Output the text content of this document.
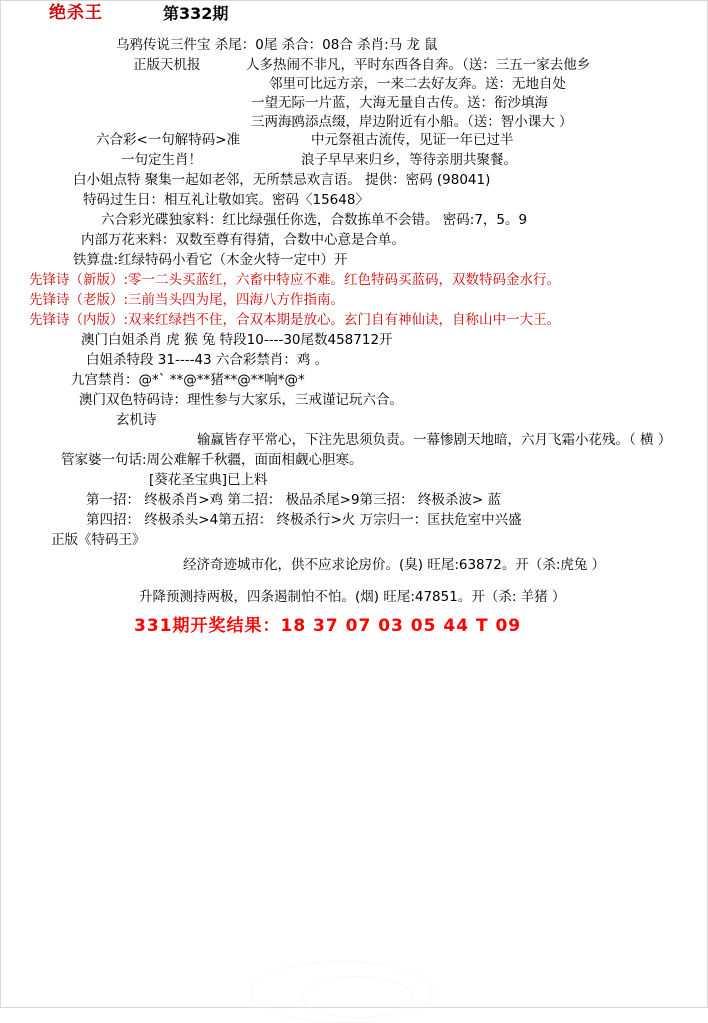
绝杀王	第332期
乌鸦传说三件宝 杀尾：0尾 杀合：08合 杀肖:马 龙 鼠
正版天机报	人多热闹不非凡，平时东西各自奔。（送：三五一家去他乡
邻里可比远方亲，一来二去好友奔。送：无地自处
一望无际一片蓝，大海无量自古传。送：衔沙填海
三两海鸥添点缀，岸边附近有小船。（送：智小课大 ）
六合彩<一句解特码>准	中元祭祖古流传，见证一年已过半
一句定生肖！	浪子早早来归乡，等待亲朋共聚餐。
白小姐点特 聚集一起如老邻，无所禁忌欢言语。 提供：密码 (98041)
特码过生日：相互礼让敬如宾。密码〈15648〉
六合彩光碟独家料：红比绿强任你选，合数拣单不会错。 密码:7，5。9
内部万花来料：双数至尊有得猜，合数中心意是合单。
铁算盘:红绿特码小看它（木金火特一定中）开
先锋诗（新版）:零一二头买蓝红，六畜中特应不难。红色特码买蓝码，双数特码金水行。
先锋诗（老版）:三前当头四为尾，四海八方作指南。
先锋诗（内版）:双来红绿挡不住，合双本期是放心。玄门自有神仙诀，自称山中一大王。
澳门白姐杀肖 虎 猴 兔 特段10----30尾数458712开
白姐杀特段 31----43 六合彩禁肖：鸡 。
九宫禁肖：@*` **@**猪**@**响*@*
澳门双色特码诗：理性参与大家乐，三戒谨记玩六合。
玄机诗
输赢皆存平常心，下注先思须负责。一幕惨剧天地暗，六月飞霜小花残。（ 横 ）
管家婆一句话:周公难解千秋疆，面面相觑心胆寒。
[葵花圣宝典]已上料
第一招： 终极杀肖>鸡 第二招： 极品杀尾>9第三招： 终极杀波> 蓝
第四招： 终极杀头>4第五招： 终极杀行>火 万宗归一：匡扶危室中兴盛
正版《特码王》
经济奇迹城市化，供不应求论房价。(臭) 旺尾:63872。开（杀:虎兔 ）
升降预测持两极，四条遏制怕不怕。(烟) 旺尾:47851。开（杀: 羊猪 ）
331期开奖结果：18 37 07 03 05 44 T 09
